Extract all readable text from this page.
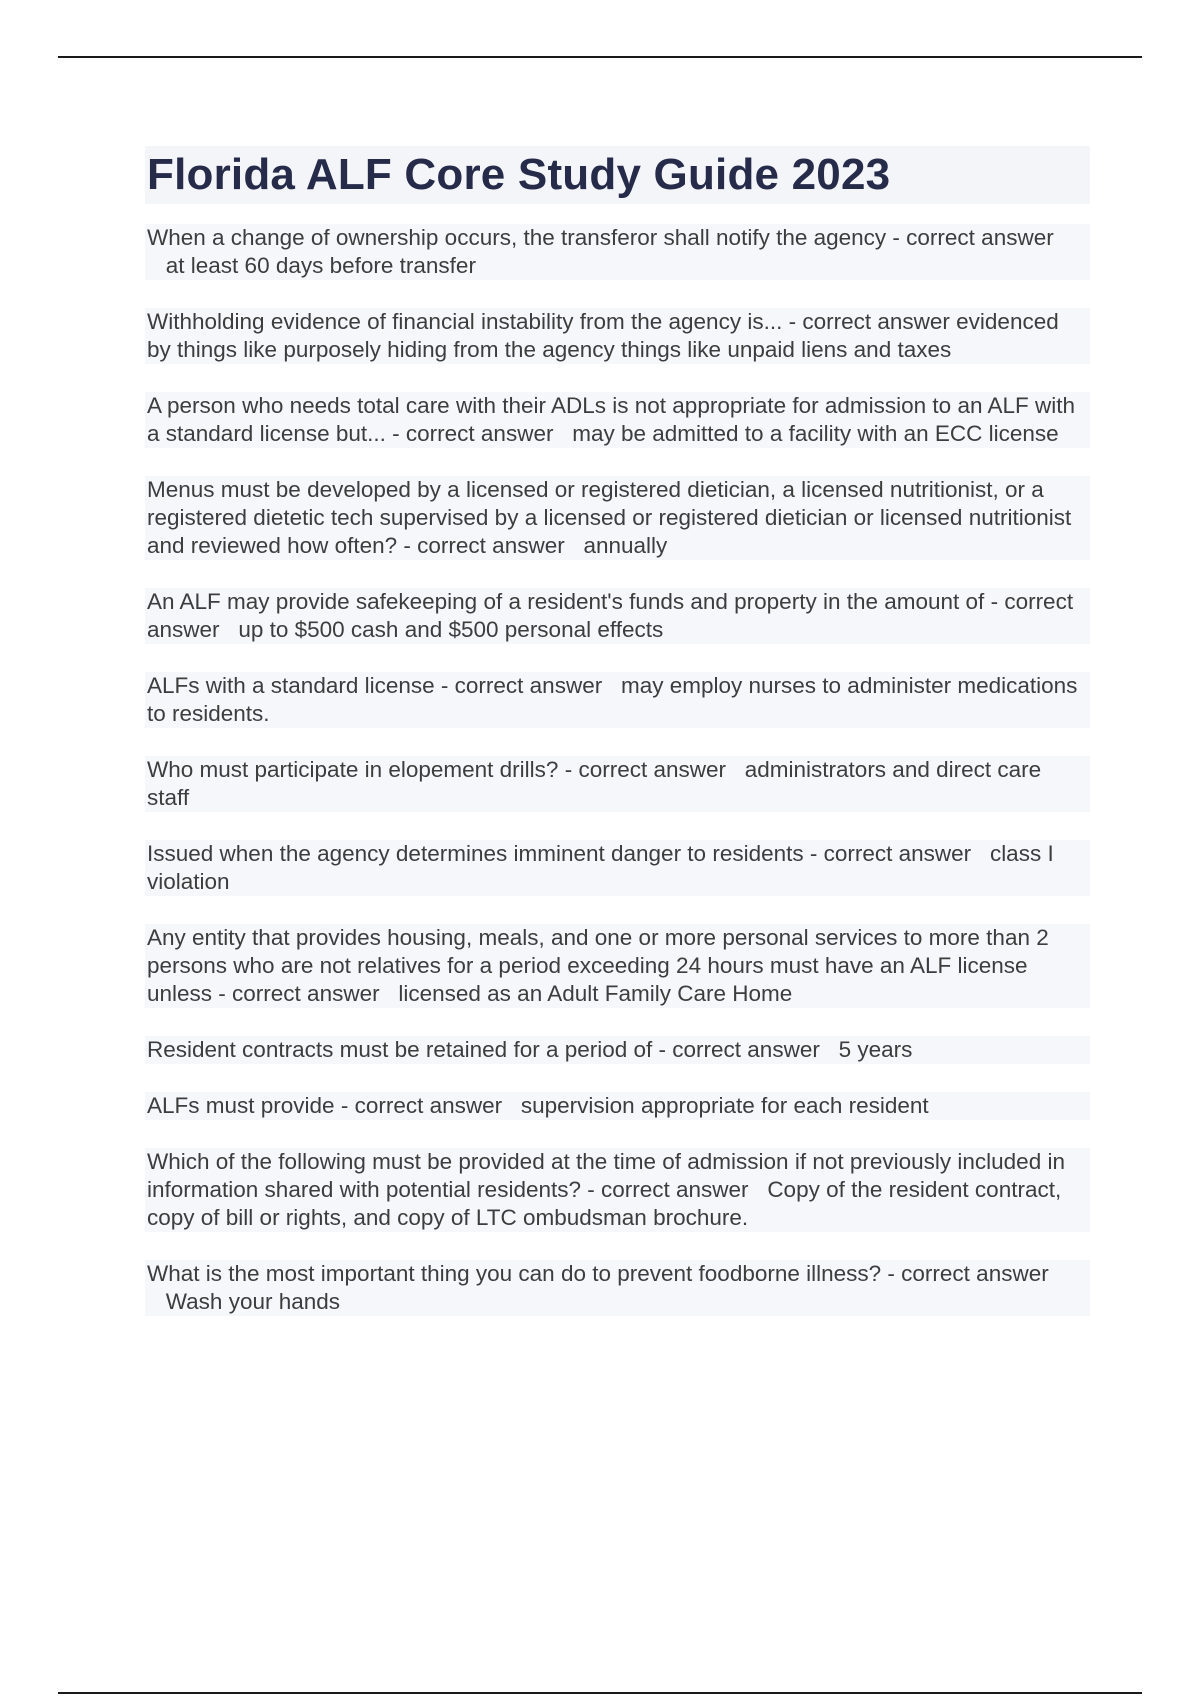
Florida ALF Core Study Guide 2023

When a change of ownership occurs, the transferor shall notify the agency - correct answer   at least 60 days before transfer

Withholding evidence of financial instability from the agency is... - correct answer evidenced by things like purposely hiding from the agency things like unpaid liens and taxes

A person who needs total care with their ADLs is not appropriate for admission to an ALF with a standard license but... - correct answer may be admitted to a facility with an ECC license

Menus must be developed by a licensed or registered dietician, a licensed nutritionist, or a registered dietetic tech supervised by a licensed or registered dietician or licensed nutritionist and reviewed how often? - correct answer annually

An ALF may provide safekeeping of a resident's funds and property in the amount of - correct answer up to $500 cash and $500 personal effects

ALFs with a standard license - correct answer may employ nurses to administer medications to residents.

Who must participate in elopement drills? - correct answer administrators and direct care staff

Issued when the agency determines imminent danger to residents - correct answer class I violation

Any entity that provides housing, meals, and one or more personal services to more than 2 persons who are not relatives for a period exceeding 24 hours must have an ALF license unless - correct answer licensed as an Adult Family Care Home

Resident contracts must be retained for a period of - correct answer 5 years

ALFs must provide - correct answer supervision appropriate for each resident

Which of the following must be provided at the time of admission if not previously included in information shared with potential residents? - correct answer Copy of the resident contract, copy of bill or rights, and copy of LTC ombudsman brochure.

What is the most important thing you can do to prevent foodborne illness? - correct answer   Wash your hands
